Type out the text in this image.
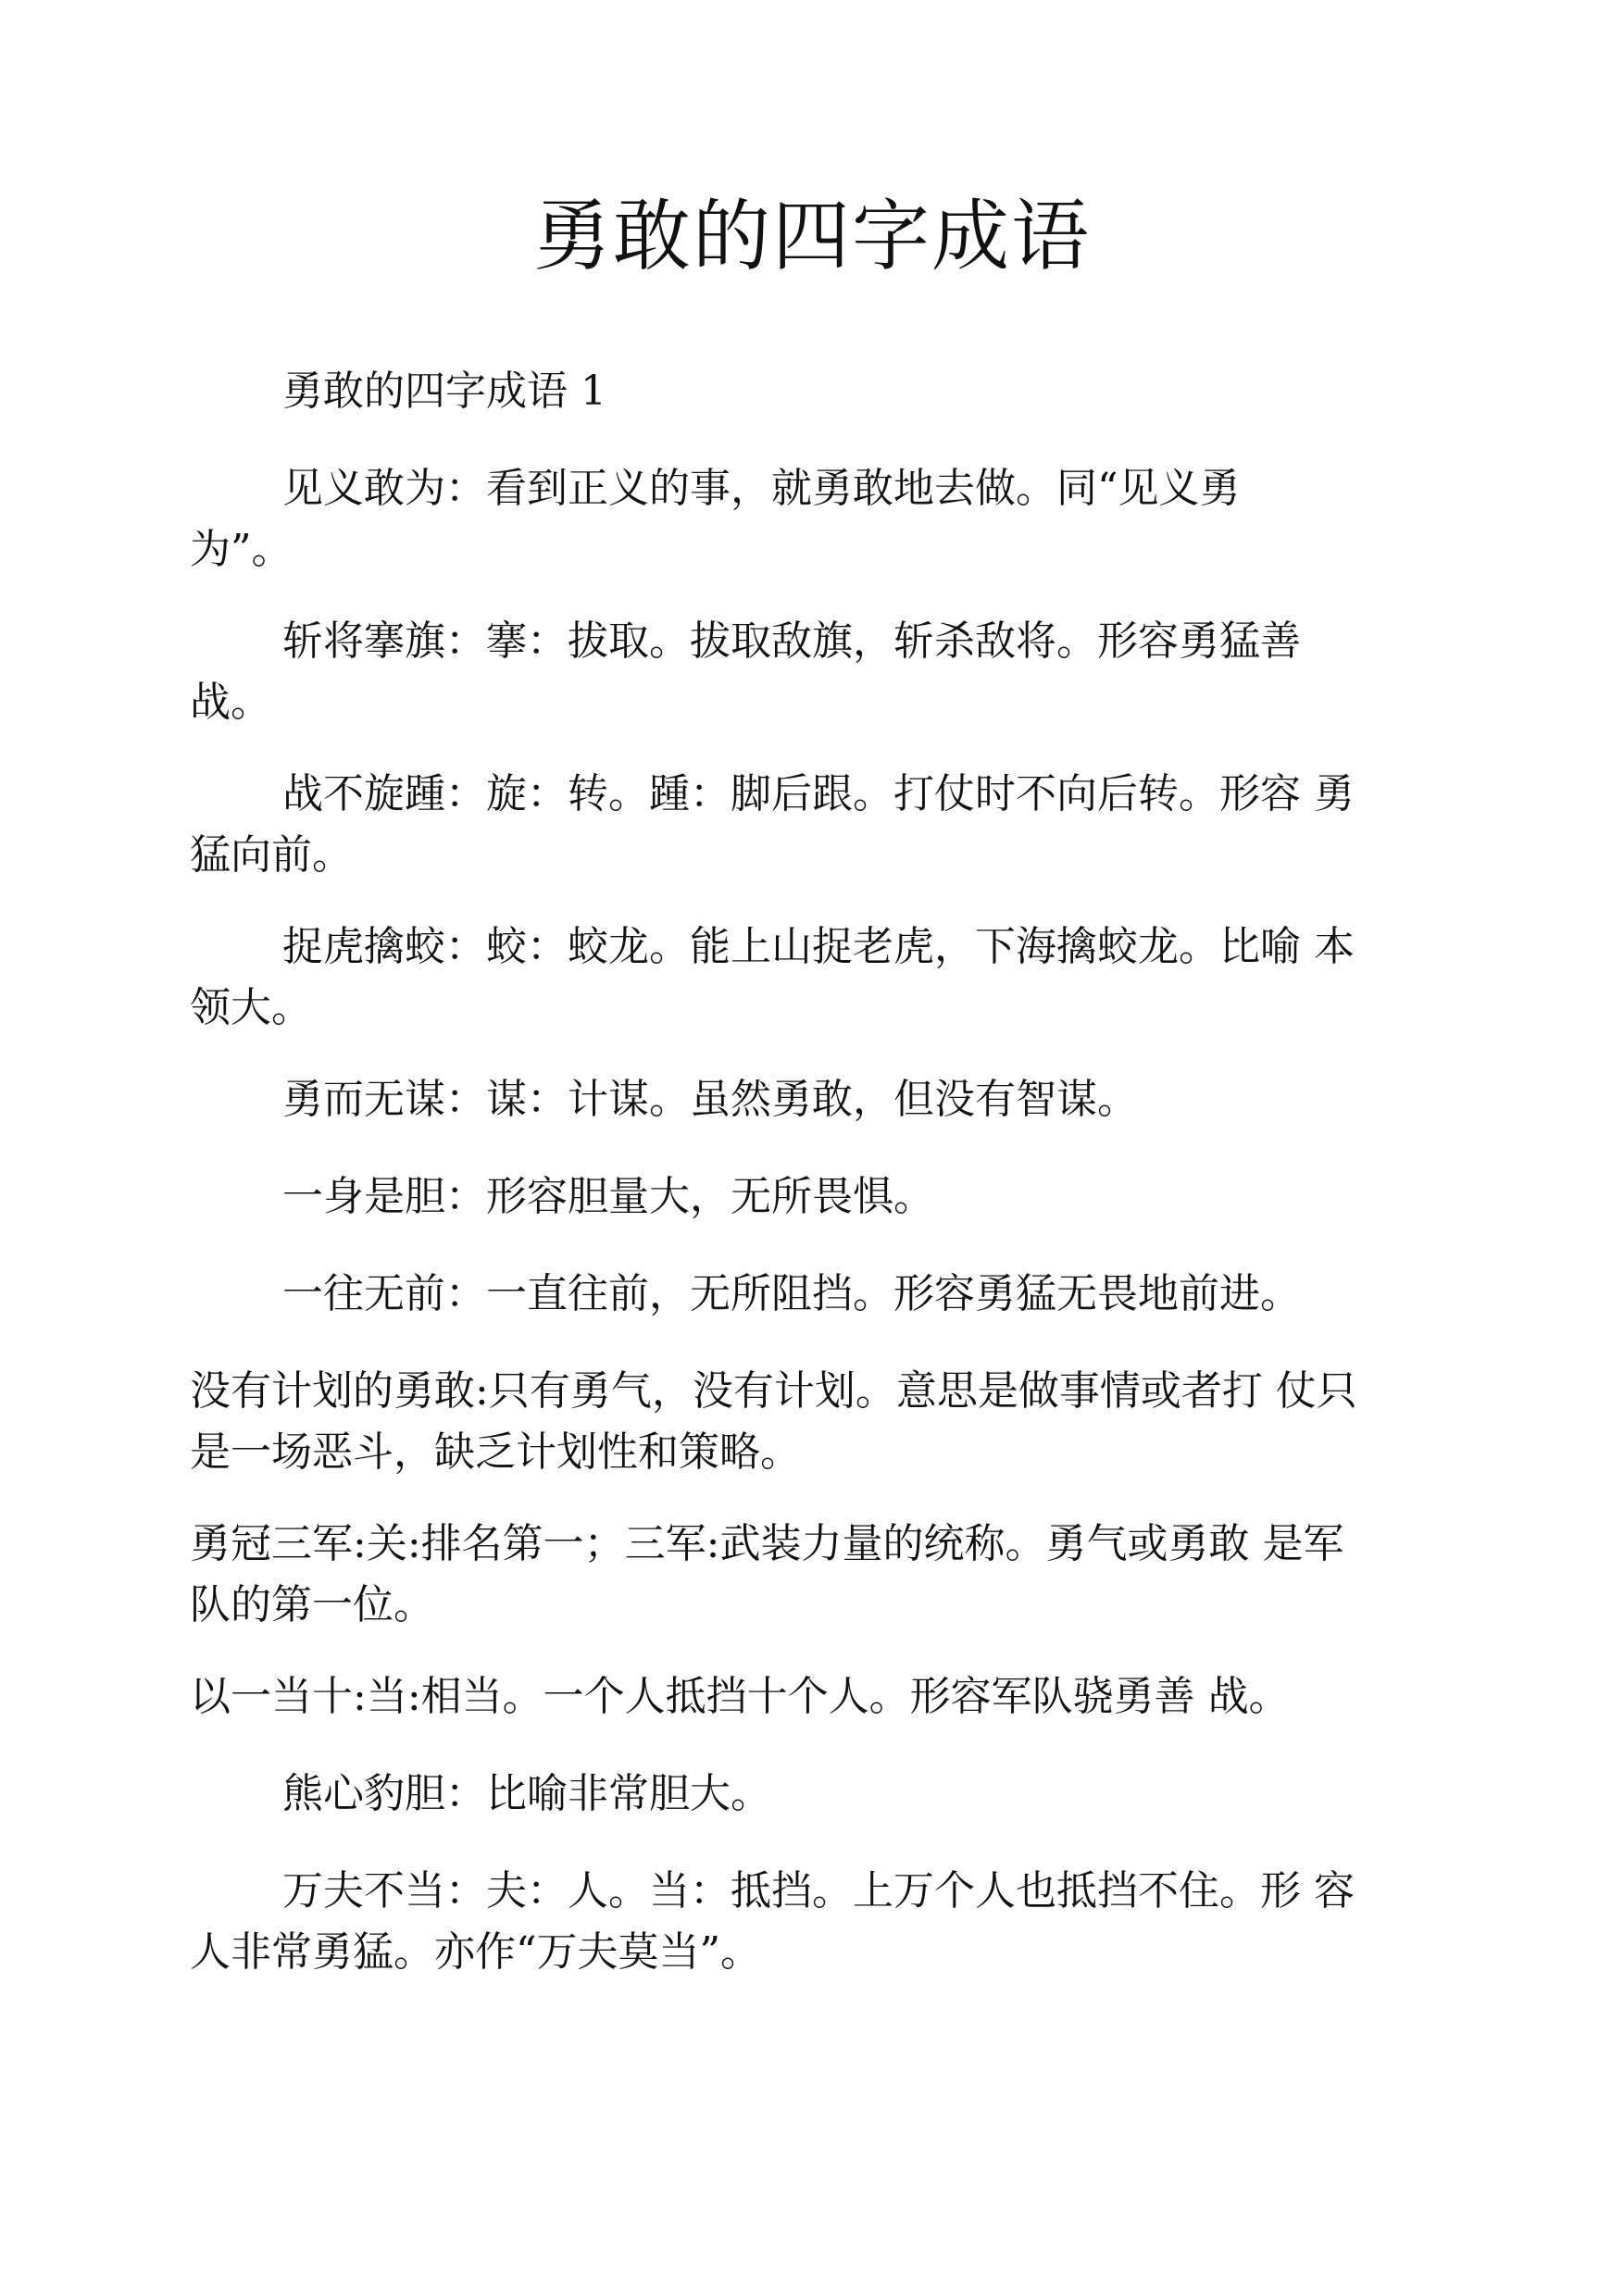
勇敢的四字成语
勇敢的四字成语 1
见义敢为：看到正义的事，就勇敢地去做。同“见义勇
为”。
斩将搴旗：搴：拔取。拔取敌旗，斩杀敌将。形容勇猛善
战。
战不旋踵：旋：转。踵：脚后跟。打仗时不向后转。形容 勇
猛向前。
捉虎擒蛟：蛟：蛟龙。能上山捉老虎，下海擒蛟龙。比喻 本
领大。
勇而无谋：谋：计谋。虽然勇敢，但没有智谋。
一身是胆：形容胆量大，无所畏惧。
一往无前：一直往前，无所阻挡。形容勇猛无畏地前进。
没有计划的勇敢:只有勇气，没有计划。意思是做事情或者打 仗只
是一场恶斗，缺乏计划性和策略。
勇冠三军:关:排名第一；三军:武装力量的统称。勇气或勇敢 是军
队的第一位。
以一当十:当:相当。一个人抵挡十个人。形容军队骁勇善 战。
熊心豹胆：比喻非常胆大。
万夫不当：夫：人。当：抵挡。上万个人也抵挡不住。形 容
人非常勇猛。亦作“万夫莫当”。
